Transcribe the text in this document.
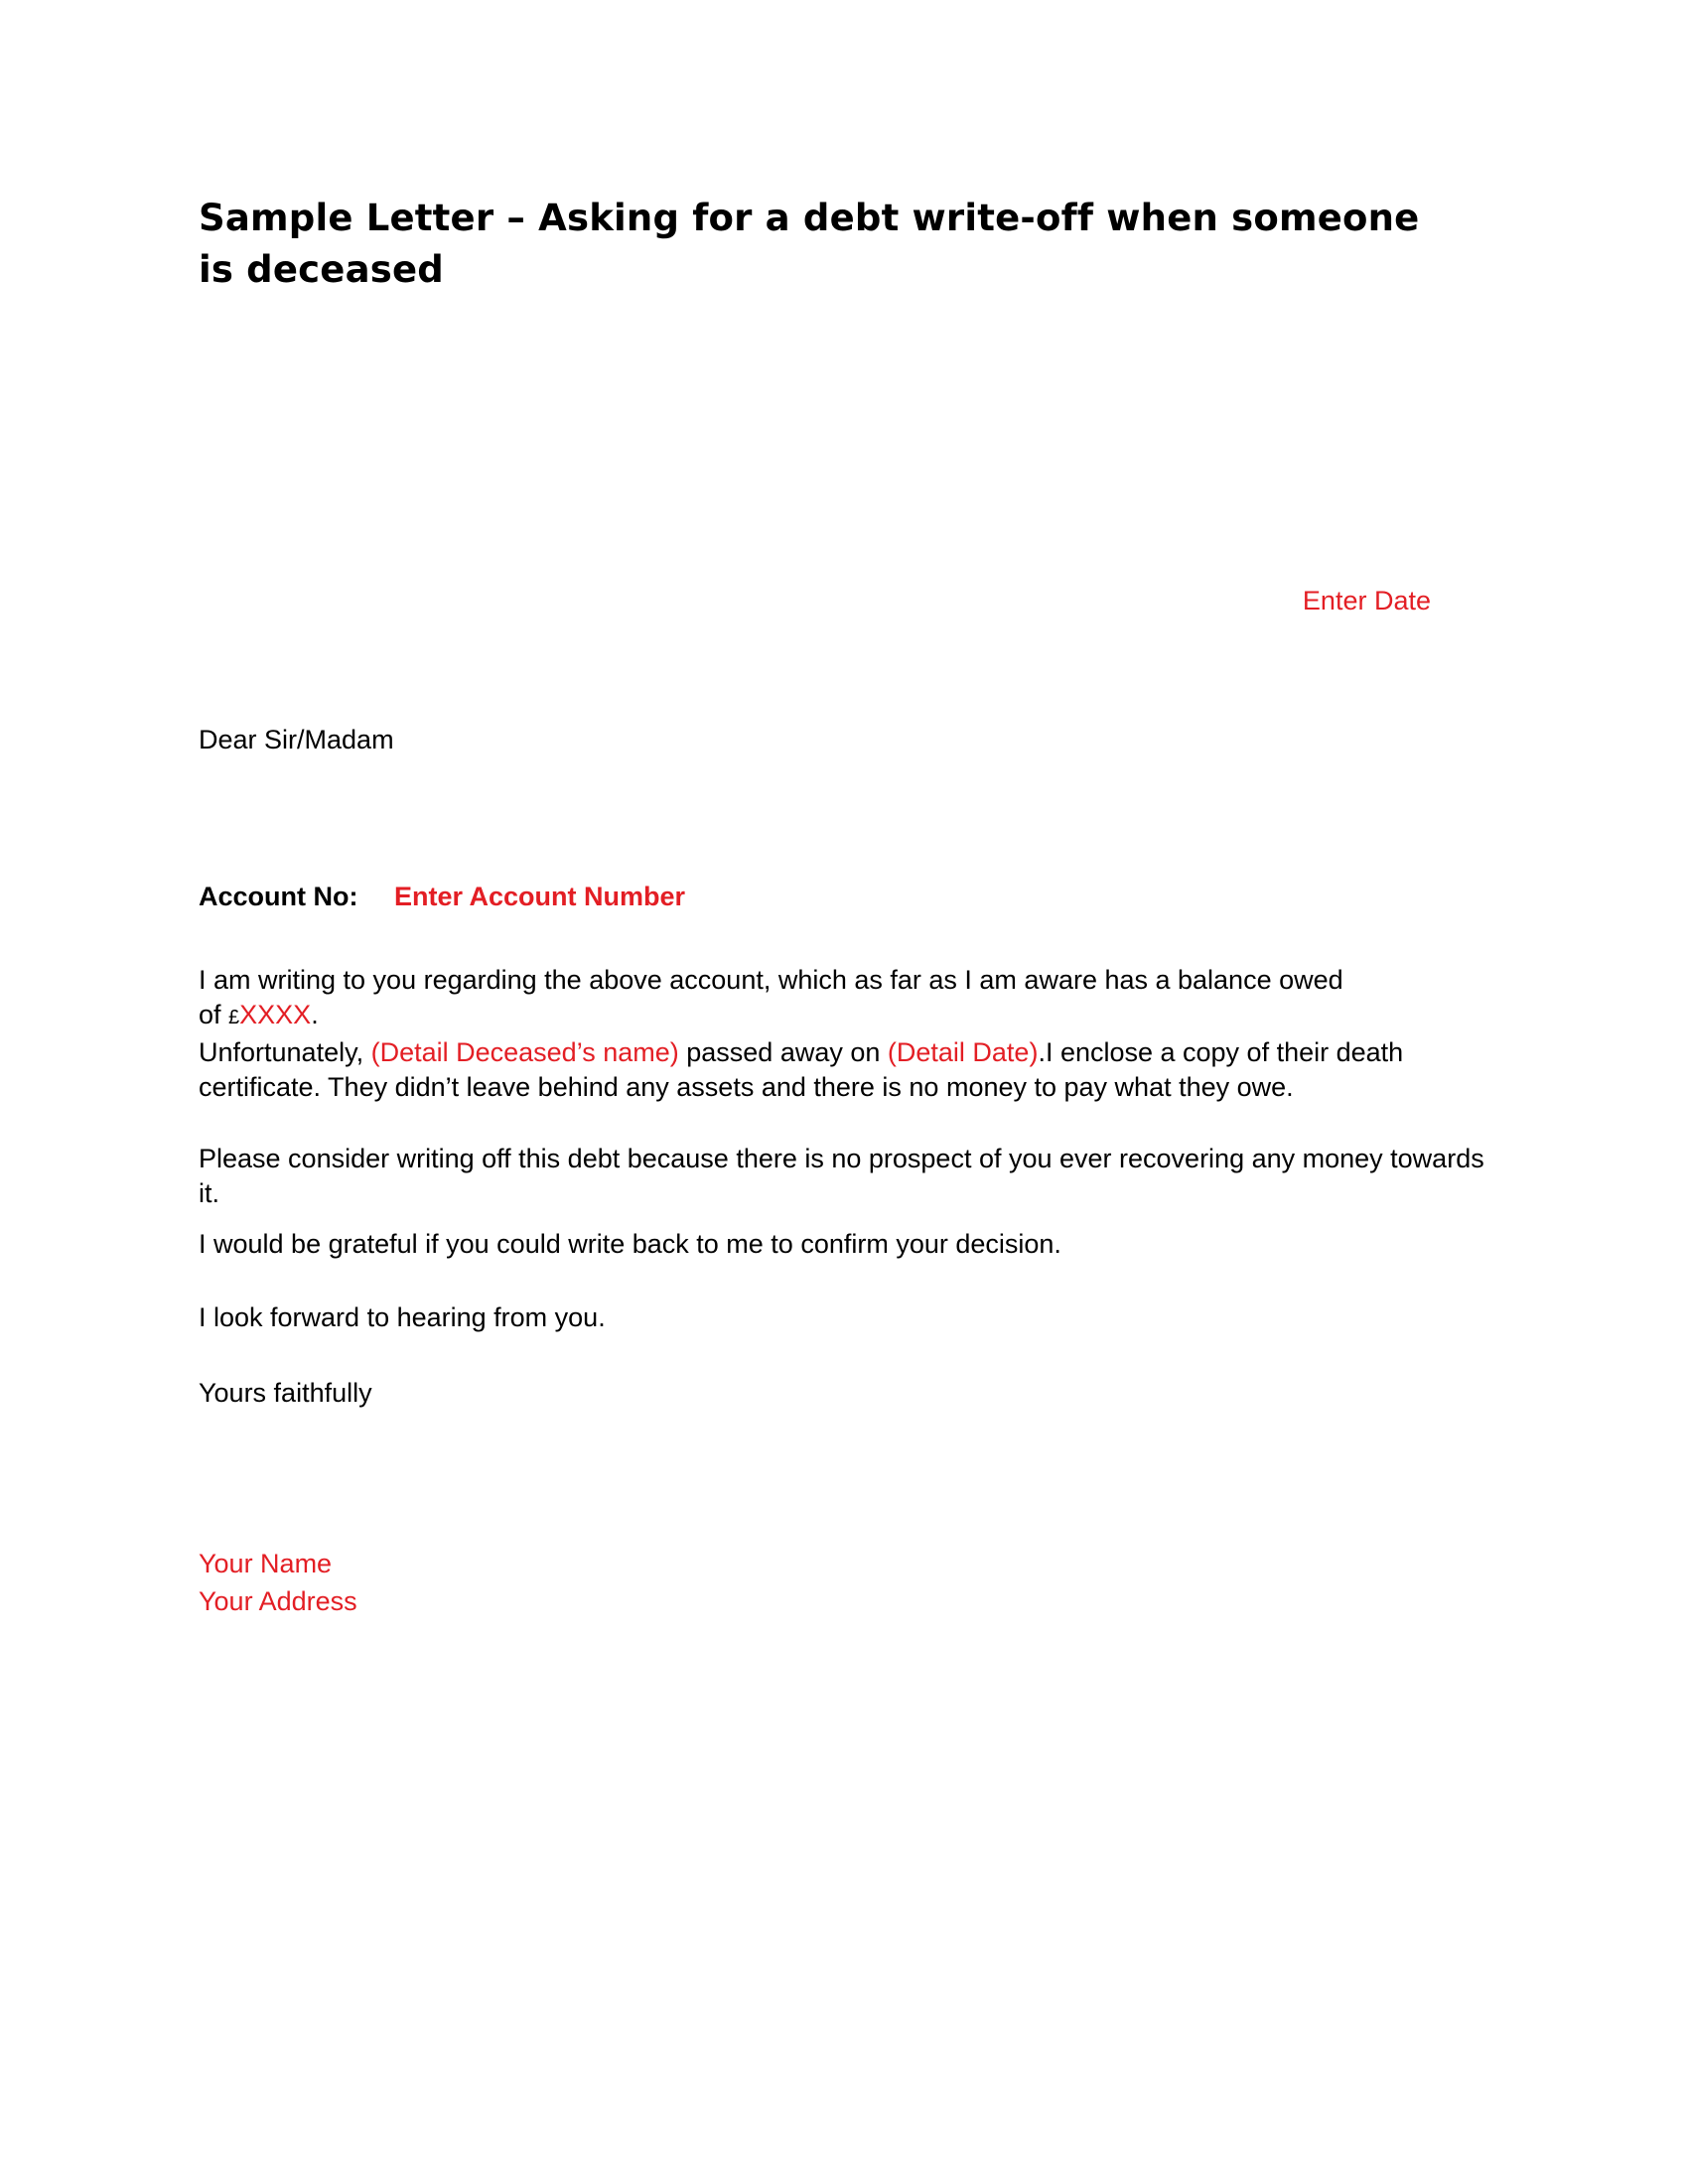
Sample Letter – Asking for a debt write-off when someone is deceased
Enter Date
Dear Sir/Madam
Account No: Enter Account Number

I am writing to you regarding the above account, which as far as I am aware has a balance owed
of £XXXX.
Unfortunately, (Detail Deceased’s name) passed away on (Detail Date).I enclose a copy of their death certificate. They didn’t leave behind any assets and there is no money to pay what they owe.

Please consider writing off this debt because there is no prospect of you ever recovering any money towards it.

I would be grateful if you could write back to me to confirm your decision.

I look forward to hearing from you.

Yours faithfully

Your Name
Your Address
